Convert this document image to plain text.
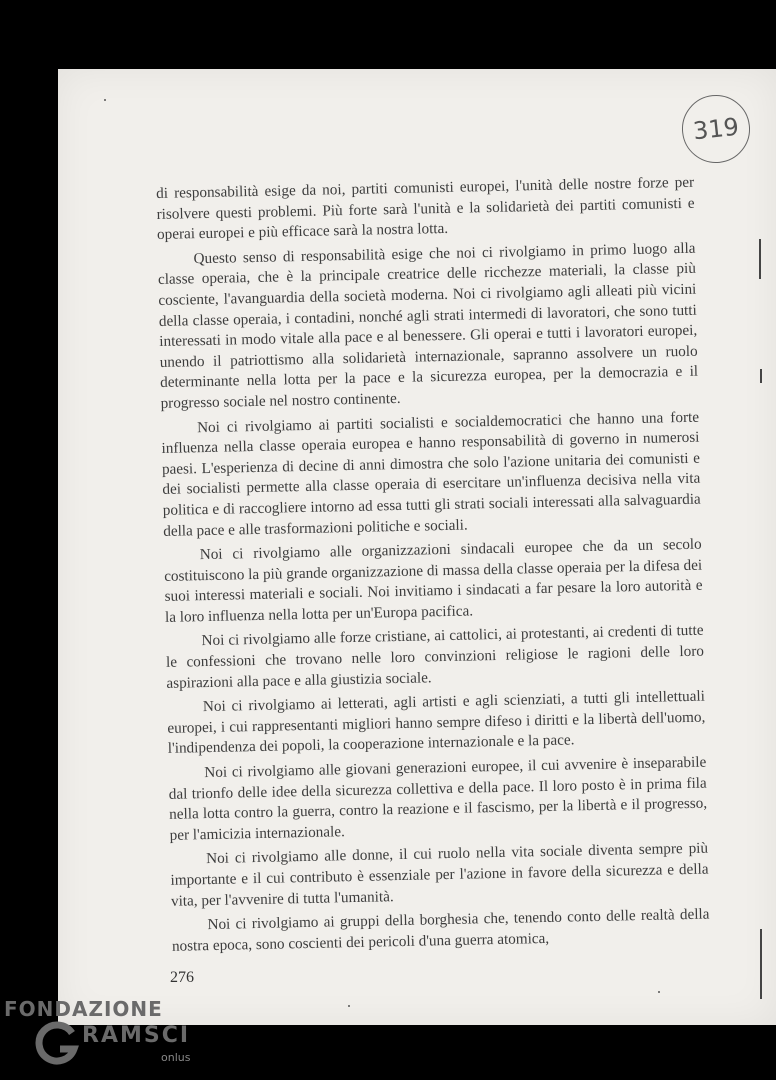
319

di responsabilità esige da noi, partiti comunisti europei, l'unità delle nostre forze per risolvere questi problemi. Più forte sarà l'unità e la solidarietà dei partiti comunisti e operai europei e più efficace sarà la nostra lotta.

Questo senso di responsabilità esige che noi ci rivolgiamo in primo luogo alla classe operaia, che è la principale creatrice delle ricchezze materiali, la classe più cosciente, l'avanguardia della società moderna. Noi ci rivolgiamo agli alleati più vicini della classe operaia, i contadini, nonché agli strati intermedi di lavoratori, che sono tutti interessati in modo vitale alla pace e al benessere. Gli operai e tutti i lavoratori europei, unendo il patriottismo alla solidarietà internazionale, sapranno assolvere un ruolo determinante nella lotta per la pace e la sicurezza europea, per la democrazia e il progresso sociale nel nostro continente.

Noi ci rivolgiamo ai partiti socialisti e socialdemocratici che hanno una forte influenza nella classe operaia europea e hanno responsabilità di governo in numerosi paesi. L'esperienza di decine di anni dimostra che solo l'azione unitaria dei comunisti e dei socialisti permette alla classe operaia di esercitare un'influenza decisiva nella vita politica e di raccogliere intorno ad essa tutti gli strati sociali interessati alla salvaguardia della pace e alle trasformazioni politiche e sociali.

Noi ci rivolgiamo alle organizzazioni sindacali europee che da un secolo costituiscono la più grande organizzazione di massa della classe operaia per la difesa dei suoi interessi materiali e sociali. Noi invitiamo i sindacati a far pesare la loro autorità e la loro influenza nella lotta per un'Europa pacifica.

Noi ci rivolgiamo alle forze cristiane, ai cattolici, ai protestanti, ai credenti di tutte le confessioni che trovano nelle loro convinzioni religiose le ragioni delle loro aspirazioni alla pace e alla giustizia sociale.

Noi ci rivolgiamo ai letterati, agli artisti e agli scienziati, a tutti gli intellettuali europei, i cui rappresentanti migliori hanno sempre difeso i diritti e la libertà dell'uomo, l'indipendenza dei popoli, la cooperazione internazionale e la pace.

Noi ci rivolgiamo alle giovani generazioni europee, il cui avvenire è inseparabile dal trionfo delle idee della sicurezza collettiva e della pace. Il loro posto è in prima fila nella lotta contro la guerra, contro la reazione e il fascismo, per la libertà e il progresso, per l'amicizia internazionale.

Noi ci rivolgiamo alle donne, il cui ruolo nella vita sociale diventa sempre più importante e il cui contributo è essenziale per l'azione in favore della sicurezza e della vita, per l'avvenire di tutta l'umanità.

Noi ci rivolgiamo ai gruppi della borghesia che, tenendo conto delle realtà della nostra epoca, sono coscienti dei pericoli d'una guerra atomica,

276
FONDAZIONE
RAMSCI
onlus
